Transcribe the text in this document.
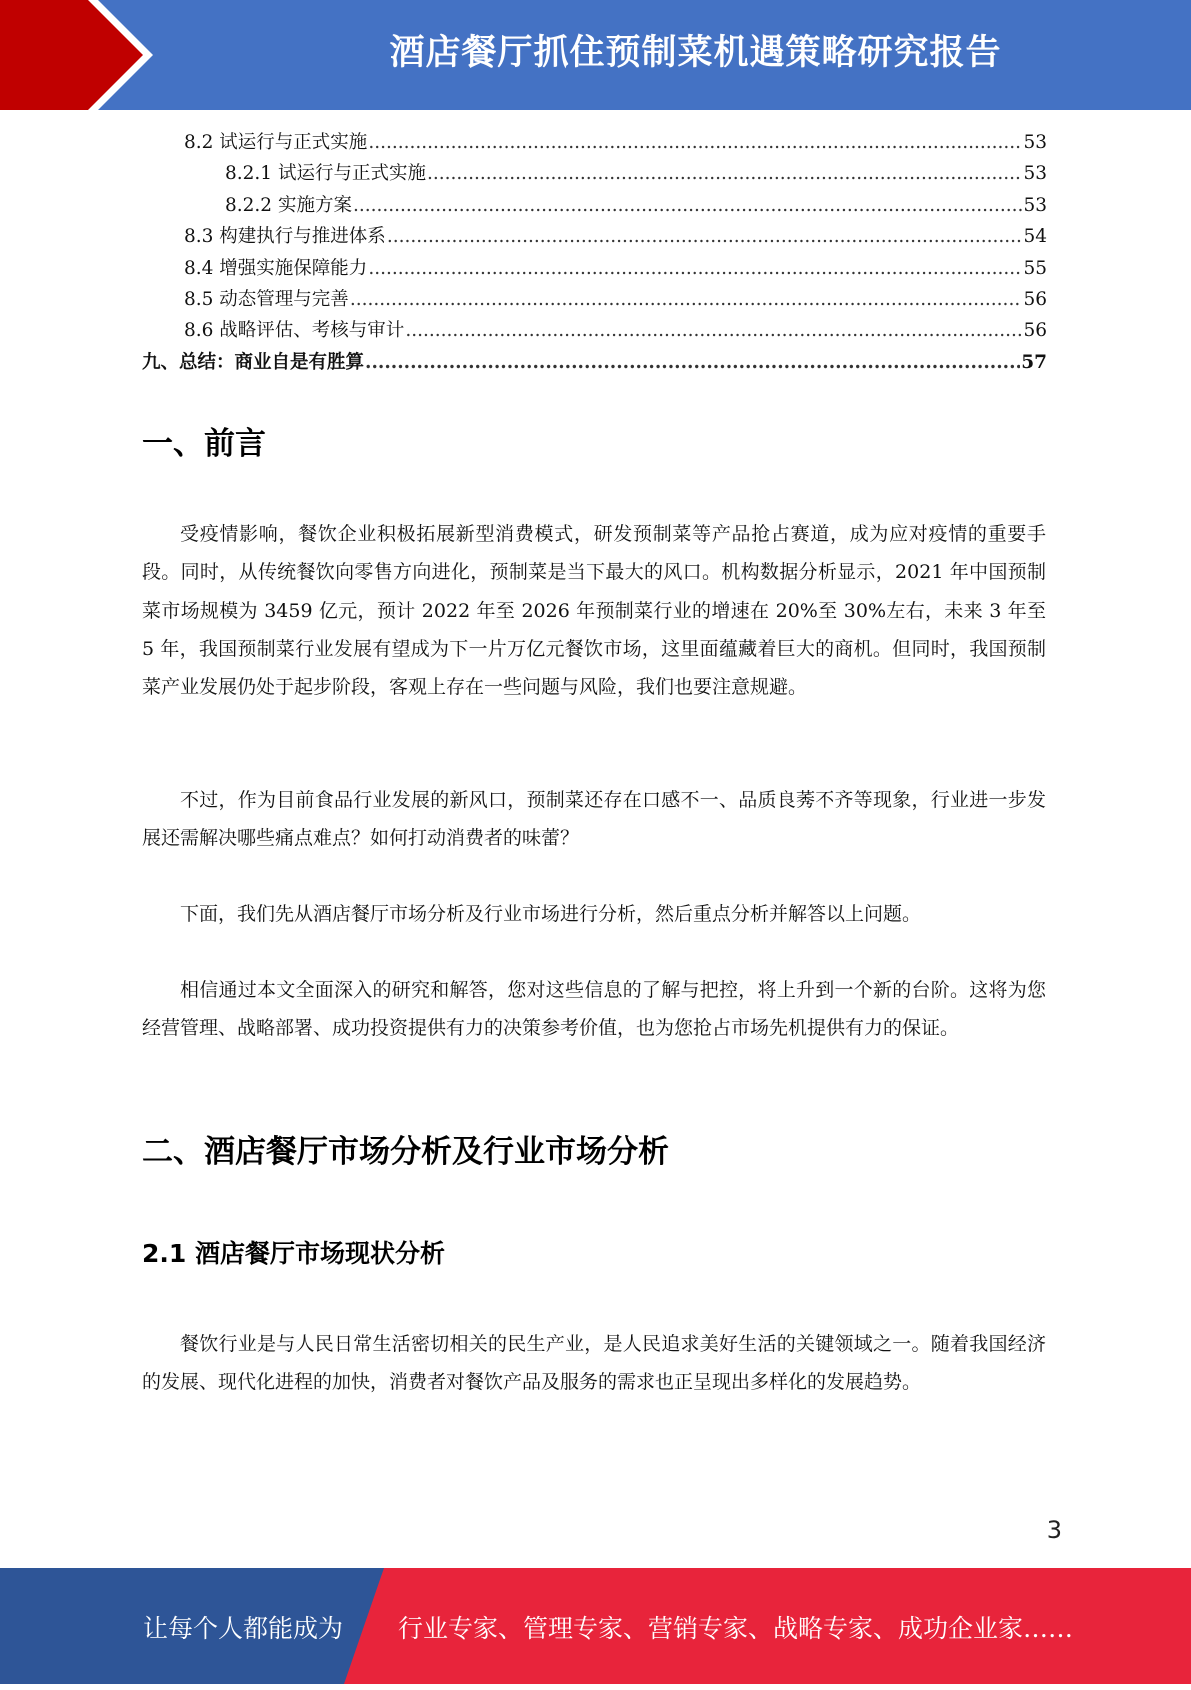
酒店餐厅抓住预制菜机遇策略研究报告
8.2 试运行与正式实施 .....	53
8.2.1 试运行与正式实施 .....	53
8.2.2 实施方案 .....	53
8.3 构建执行与推进体系 .....	54
8.4 增强实施保障能力 .....	55
8.5 动态管理与完善 .....	56
8.6 战略评估、考核与审计 .....	56
九、总结：商业自是有胜算 .....	57
一、前言
受疫情影响，餐饮企业积极拓展新型消费模式，研发预制菜等产品抢占赛道，成为应对疫情的重要手段。同时，从传统餐饮向零售方向进化，预制菜是当下最大的风口。机构数据分析显示，2021 年中国预制菜市场规模为 3459 亿元，预计 2022 年至 2026 年预制菜行业的增速在 20%至 30%左右，未来 3 年至 5 年，我国预制菜行业发展有望成为下一片万亿元餐饮市场，这里面蕴藏着巨大的商机。但同时，我国预制菜产业发展仍处于起步阶段，客观上存在一些问题与风险，我们也要注意规避。
不过，作为目前食品行业发展的新风口，预制菜还存在口感不一、品质良莠不齐等现象，行业进一步发展还需解决哪些痛点难点？如何打动消费者的味蕾？
下面，我们先从酒店餐厅市场分析及行业市场进行分析，然后重点分析并解答以上问题。
相信通过本文全面深入的研究和解答，您对这些信息的了解与把控，将上升到一个新的台阶。这将为您经营管理、战略部署、成功投资提供有力的决策参考价值，也为您抢占市场先机提供有力的保证。
二、酒店餐厅市场分析及行业市场分析
2.1 酒店餐厅市场现状分析
餐饮行业是与人民日常生活密切相关的民生产业，是人民追求美好生活的关键领域之一。随着我国经济的发展、现代化进程的加快，消费者对餐饮产品及服务的需求也正呈现出多样化的发展趋势。
3
让每个人都能成为 行业专家、管理专家、营销专家、战略专家、成功企业家……
